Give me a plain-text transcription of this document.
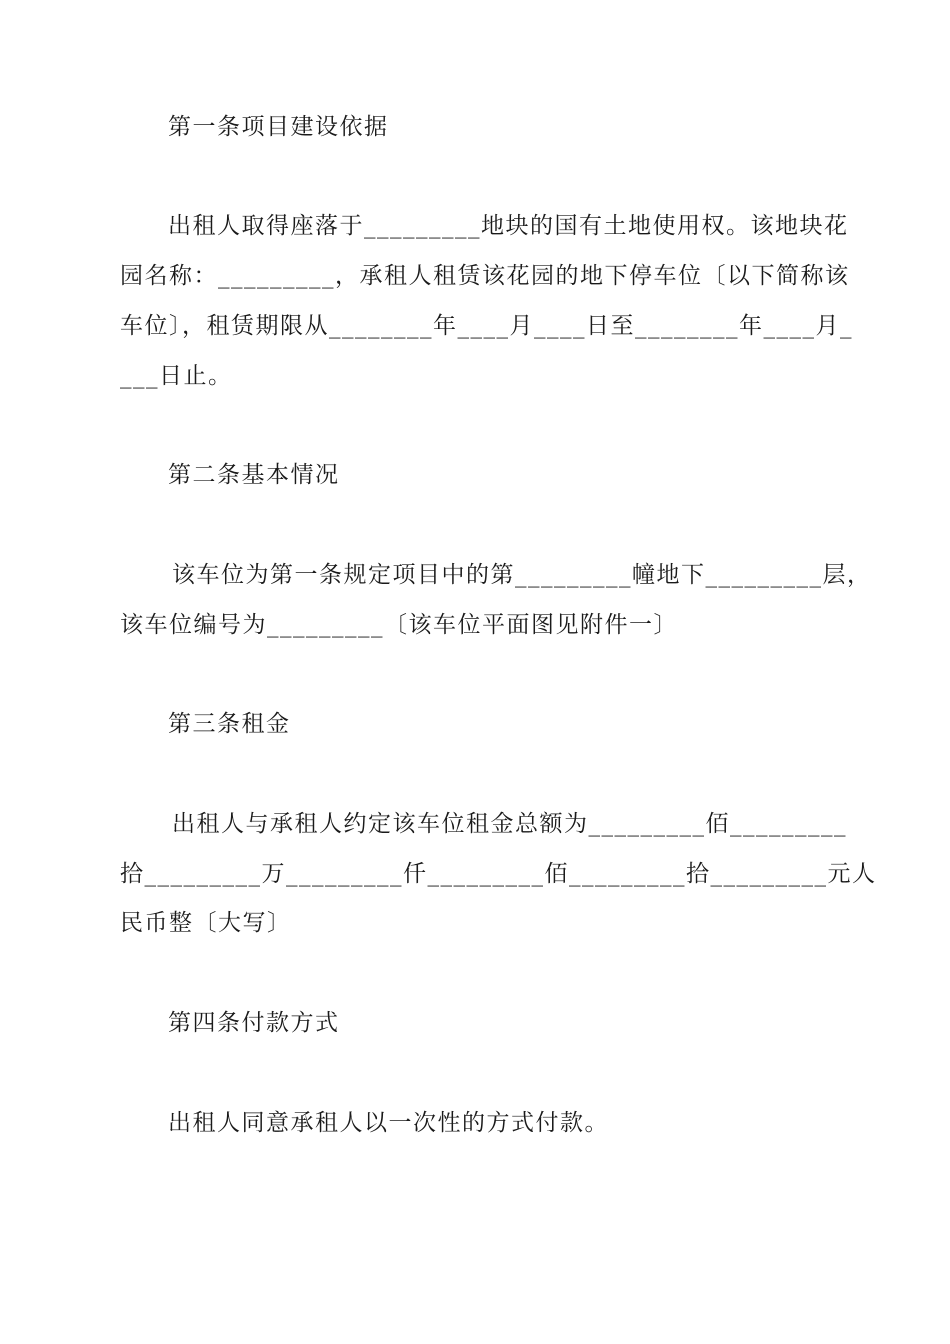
第一条项目建设依据
出租人取得座落于_________地块的国有土地使用权。该地块花
园名称：_________，承租人租赁该花园的地下停车位〔以下简称该
车位〕，租赁期限从________年____月____日至________年____月_
___日止。
第二条基本情况
该车位为第一条规定项目中的第_________幢地下_________层，
该车位编号为_________〔该车位平面图见附件一〕
第三条租金
出租人与承租人约定该车位租金总额为_________佰_________
拾_________万_________仟_________佰_________拾_________元人
民币整〔大写〕
第四条付款方式
出租人同意承租人以一次性的方式付款。
